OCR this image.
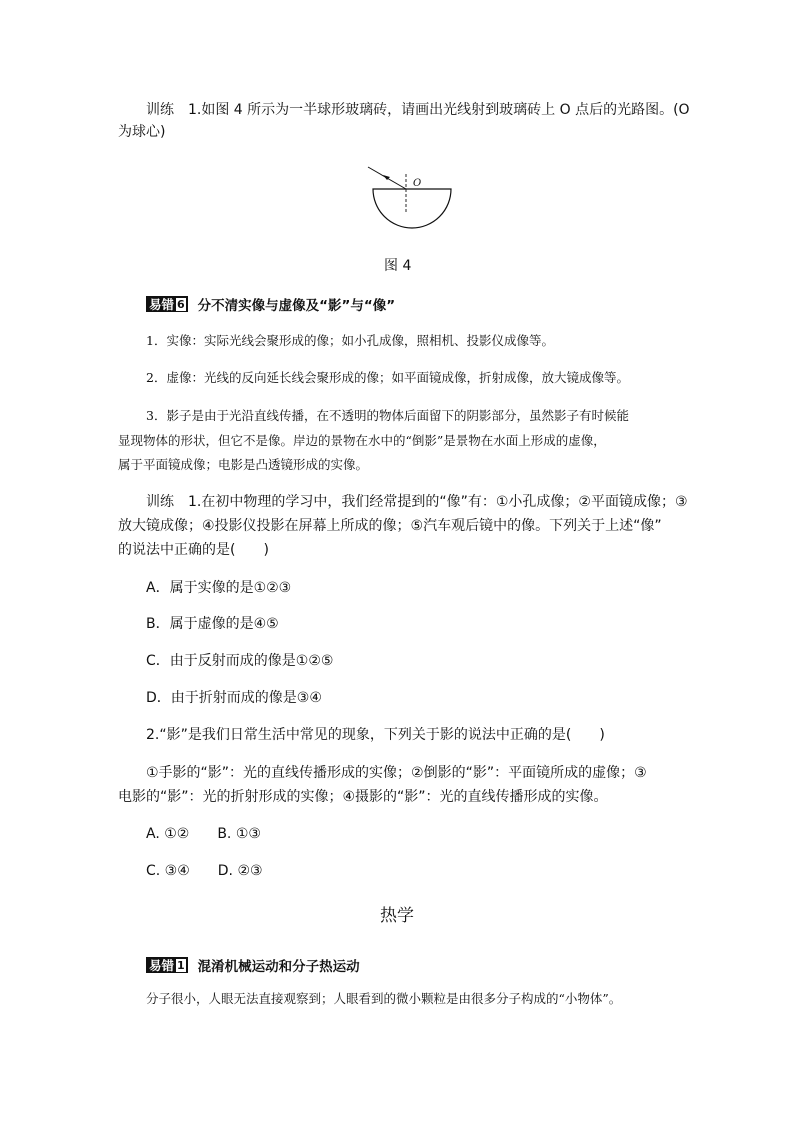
训练　1.如图 4 所示为一半球形玻璃砖，请画出光线射到玻璃砖上 O 点后的光路图。(O
为球心)
O
图 4
易错 6 分不清实像与虚像及“影”与“像”
1．实像：实际光线会聚形成的像；如小孔成像，照相机、投影仪成像等。
2．虚像：光线的反向延长线会聚形成的像；如平面镜成像，折射成像，放大镜成像等。
3．影子是由于光沿直线传播，在不透明的物体后面留下的阴影部分，虽然影子有时候能
显现物体的形状，但它不是像。岸边的景物在水中的“倒影”是景物在水面上形成的虚像，
属于平面镜成像；电影是凸透镜形成的实像。
训练　1.在初中物理的学习中，我们经常提到的“像”有：①小孔成像；②平面镜成像；③
放大镜成像；④投影仪投影在屏幕上所成的像；⑤汽车观后镜中的像。下列关于上述“像”
的说法中正确的是(　　)
A．属于实像的是①②③
B．属于虚像的是④⑤
C．由于反射而成的像是①②⑤
D．由于折射而成的像是③④
2.“影”是我们日常生活中常见的现象，下列关于影的说法中正确的是(　　)
①手影的“影”：光的直线传播形成的实像；②倒影的“影”：平面镜所成的虚像；③
电影的“影”：光的折射形成的实像；④摄影的“影”：光的直线传播形成的实像。
A. ①②　　B. ①③
C. ③④　　D. ②③
热学
易错 1 混淆机械运动和分子热运动
分子很小，人眼无法直接观察到；人眼看到的微小颗粒是由很多分子构成的“小物体”。
